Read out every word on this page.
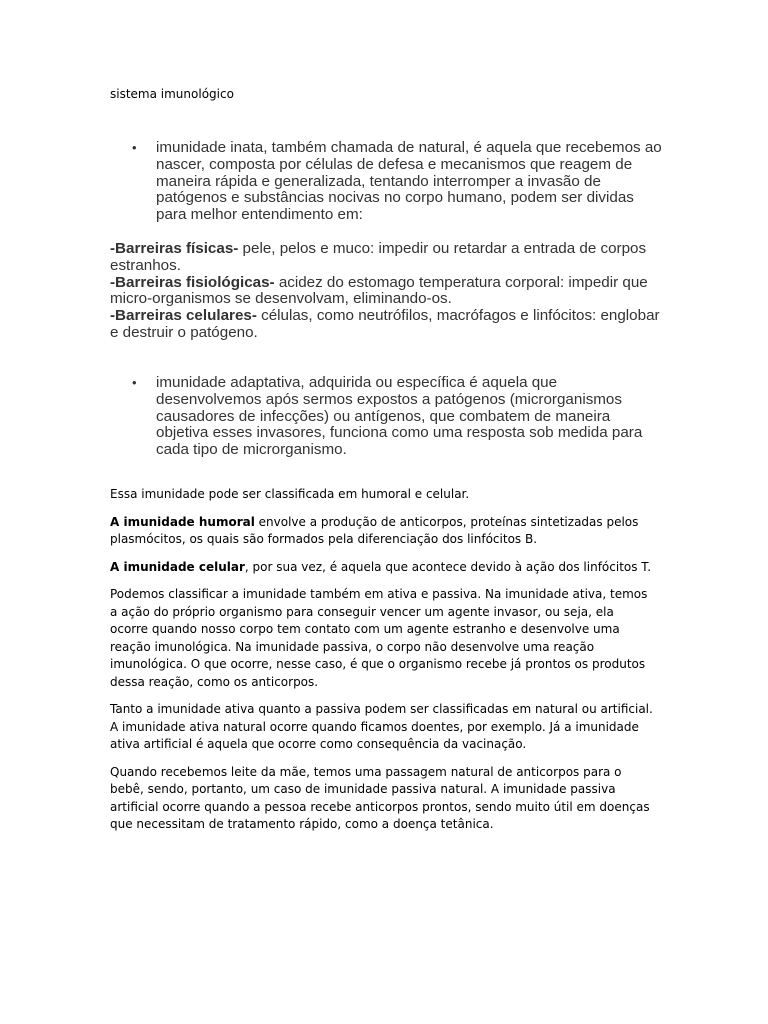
sistema imunológico
• imunidade inata, também chamada de natural, é aquela que recebemos ao nascer, composta por células de defesa e mecanismos que reagem de maneira rápida e generalizada, tentando interromper a invasão de patógenos e substâncias nocivas no corpo humano, podem ser dividas para melhor entendimento em:

-Barreiras físicas- pele, pelos e muco: impedir ou retardar a entrada de corpos estranhos.

-Barreiras fisiológicas- acidez do estomago temperatura corporal: impedir que micro-organismos se desenvolvam, eliminando-os.

-Barreiras celulares- células, como neutrófilos, macrófagos e linfócitos: englobar e destruir o patógeno.

• imunidade adaptativa, adquirida ou específica é aquela que desenvolvemos após sermos expostos a patógenos (microrganismos causadores de infecções) ou antígenos, que combatem de maneira objetiva esses invasores, funciona como uma resposta sob medida para cada tipo de microrganismo.

Essa imunidade pode ser classificada em humoral e celular.

A imunidade humoral envolve a produção de anticorpos, proteínas sintetizadas pelos plasmócitos, os quais são formados pela diferenciação dos linfócitos B.

A imunidade celular, por sua vez, é aquela que acontece devido à ação dos linfócitos T.

Podemos classificar a imunidade também em ativa e passiva. Na imunidade ativa, temos a ação do próprio organismo para conseguir vencer um agente invasor, ou seja, ela ocorre quando nosso corpo tem contato com um agente estranho e desenvolve uma reação imunológica. Na imunidade passiva, o corpo não desenvolve uma reação imunológica. O que ocorre, nesse caso, é que o organismo recebe já prontos os produtos dessa reação, como os anticorpos.

Tanto a imunidade ativa quanto a passiva podem ser classificadas em natural ou artificial. A imunidade ativa natural ocorre quando ficamos doentes, por exemplo. Já a imunidade ativa artificial é aquela que ocorre como consequência da vacinação.

Quando recebemos leite da mãe, temos uma passagem natural de anticorpos para o bebê, sendo, portanto, um caso de imunidade passiva natural. A imunidade passiva artificial ocorre quando a pessoa recebe anticorpos prontos, sendo muito útil em doenças que necessitam de tratamento rápido, como a doença tetânica.
